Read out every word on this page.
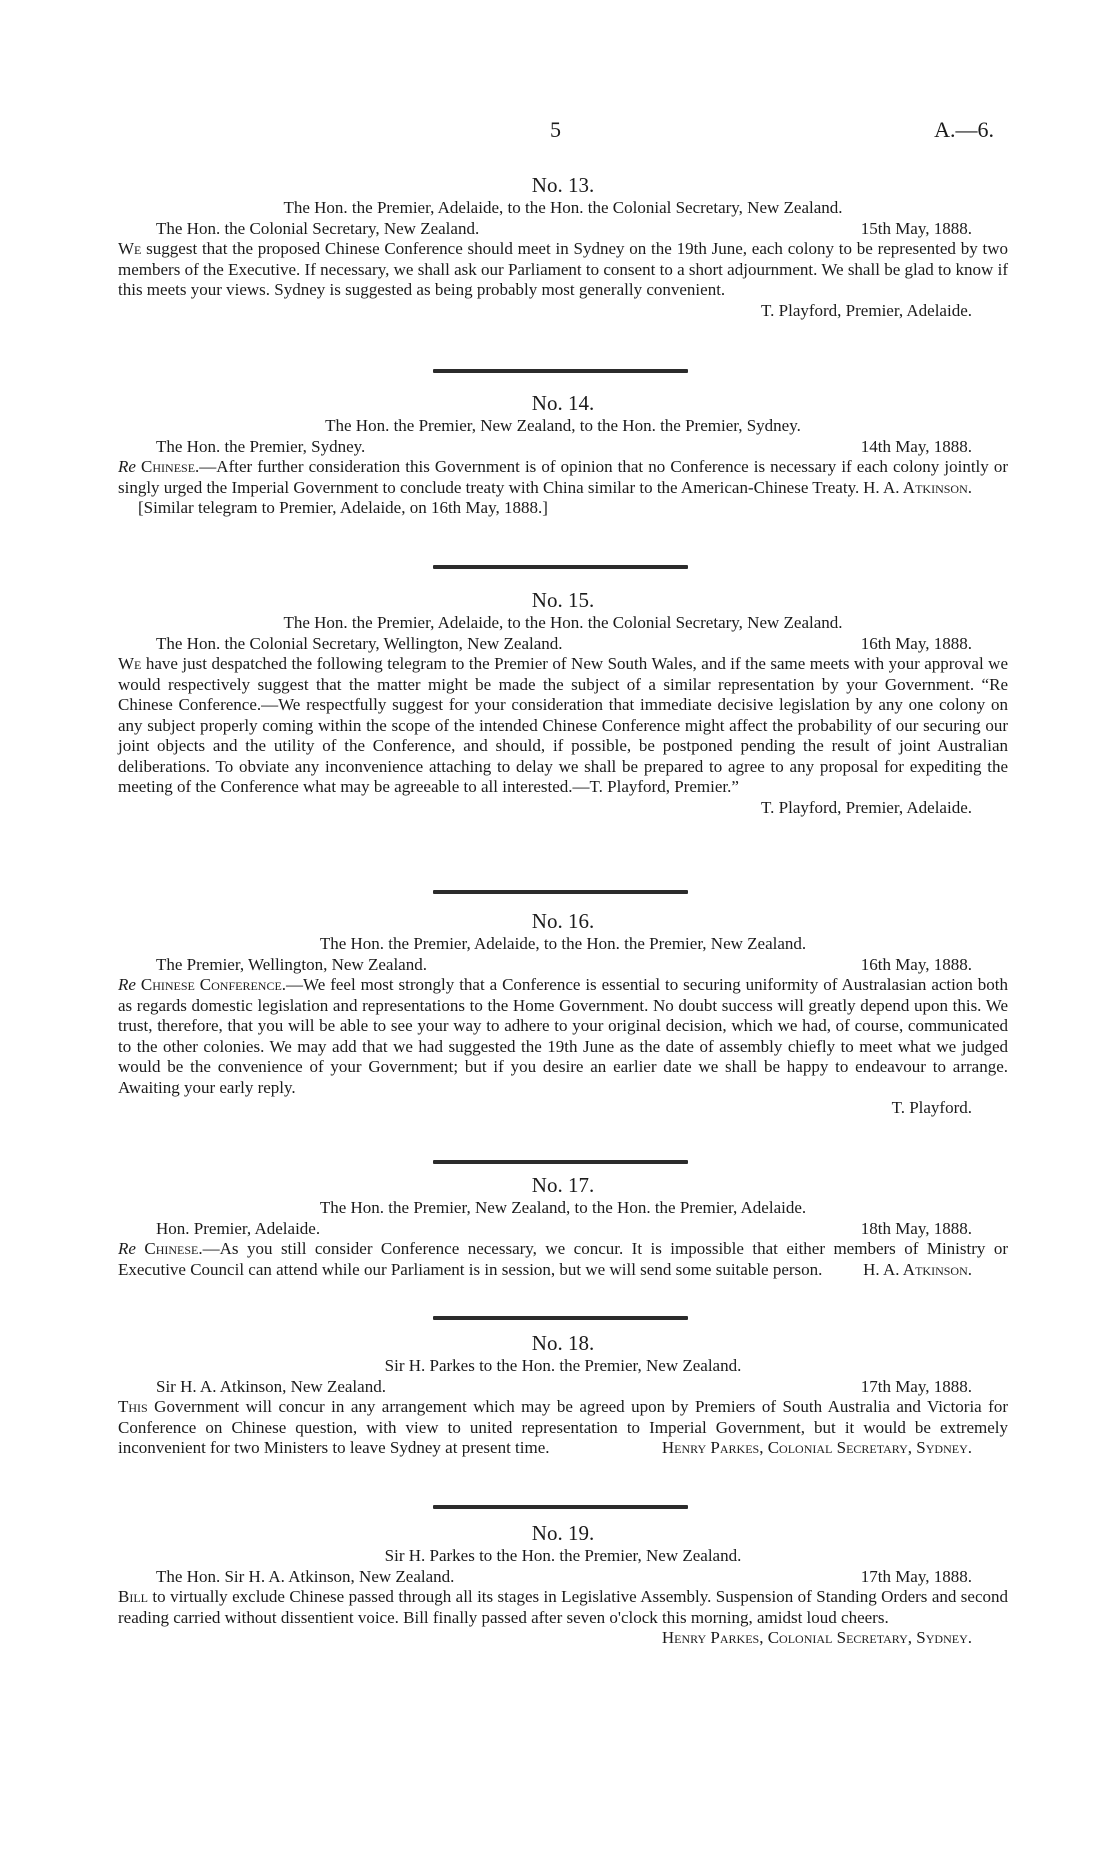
5	A.—6.

No. 13.

The Hon. the Premier, Adelaide, to the Hon. the Colonial Secretary, New Zealand.

The Hon. the Colonial Secretary, New Zealand.	15th May, 1888.

We suggest that the proposed Chinese Conference should meet in Sydney on the 19th June, each colony to be represented by two members of the Executive. If necessary, we shall ask our Parliament to consent to a short adjournment. We shall be glad to know if this meets your views. Sydney is suggested as being probably most generally convenient.

T. Playford, Premier, Adelaide.

No. 14.

The Hon. the Premier, New Zealand, to the Hon. the Premier, Sydney.

The Hon. the Premier, Sydney.	14th May, 1888.

Re Chinese.—After further consideration this Government is of opinion that no Conference is necessary if each colony jointly or singly urged the Imperial Government to conclude treaty with China similar to the American-Chinese Treaty. H. A. Atkinson.

[Similar telegram to Premier, Adelaide, on 16th May, 1888.]

No. 15.

The Hon. the Premier, Adelaide, to the Hon. the Colonial Secretary, New Zealand.

The Hon. the Colonial Secretary, Wellington, New Zealand.	16th May, 1888.

We have just despatched the following telegram to the Premier of New South Wales, and if the same meets with your approval we would respectively suggest that the matter might be made the subject of a similar representation by your Government. “Re Chinese Conference.—We respectfully suggest for your consideration that immediate decisive legislation by any one colony on any subject properly coming within the scope of the intended Chinese Conference might affect the probability of our securing our joint objects and the utility of the Conference, and should, if possible, be postponed pending the result of joint Australian deliberations. To obviate any inconvenience attaching to delay we shall be prepared to agree to any proposal for expediting the meeting of the Conference what may be agreeable to all interested.—T. Playford, Premier.”

T. Playford, Premier, Adelaide.

No. 16.

The Hon. the Premier, Adelaide, to the Hon. the Premier, New Zealand.

The Premier, Wellington, New Zealand.	16th May, 1888.

Re Chinese Conference.—We feel most strongly that a Conference is essential to securing uniformity of Australasian action both as regards domestic legislation and representations to the Home Government. No doubt success will greatly depend upon this. We trust, therefore, that you will be able to see your way to adhere to your original decision, which we had, of course, communicated to the other colonies. We may add that we had suggested the 19th June as the date of assembly chiefly to meet what we judged would be the convenience of your Government; but if you desire an earlier date we shall be happy to endeavour to arrange. Awaiting your early reply.

T. Playford.

No. 17.

The Hon. the Premier, New Zealand, to the Hon. the Premier, Adelaide.

Hon. Premier, Adelaide.	18th May, 1888.

Re Chinese.—As you still consider Conference necessary, we concur. It is impossible that either members of Ministry or Executive Council can attend while our Parliament is in session, but we will send some suitable person. H. A. Atkinson.

No. 18.

Sir H. Parkes to the Hon. the Premier, New Zealand.

Sir H. A. Atkinson, New Zealand.	17th May, 1888.

This Government will concur in any arrangement which may be agreed upon by Premiers of South Australia and Victoria for Conference on Chinese question, with view to united representation to Imperial Government, but it would be extremely inconvenient for two Ministers to leave Sydney at present time.	Henry Parkes, Colonial Secretary, Sydney.

No. 19.

Sir H. Parkes to the Hon. the Premier, New Zealand.

The Hon. Sir H. A. Atkinson, New Zealand.	17th May, 1888.

Bill to virtually exclude Chinese passed through all its stages in Legislative Assembly. Suspension of Standing Orders and second reading carried without dissentient voice. Bill finally passed after seven o'clock this morning, amidst loud cheers.

Henry Parkes, Colonial Secretary, Sydney.
